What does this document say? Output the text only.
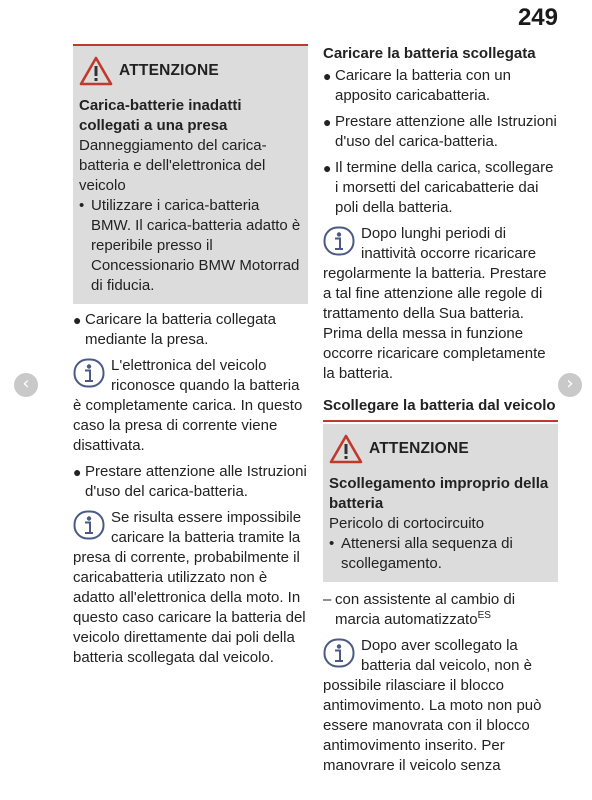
249
‹	›
ATTENZIONE
Carica-batterie inadatti collegati a una presa
Danneggiamento del carica-batteria e dell'elettronica del veicolo
• Utilizzare i carica-batteria BMW. Il carica-batteria adatto è reperibile presso il Concessionario BMW Motorrad di fiducia.
● Caricare la batteria collegata mediante la presa.
L'elettronica del veicolo riconosce quando la batteria è completamente carica. In questo caso la presa di corrente viene disattivata.
● Prestare attenzione alle Istruzioni d'uso del carica-batteria.
Se risulta essere impossibile caricare la batteria tramite la presa di corrente, probabilmente il caricabatteria utilizzato non è adatto all'elettronica della moto. In questo caso caricare la batteria del veicolo direttamente dai poli della batteria scollegata dal veicolo.
Caricare la batteria scollegata
● Caricare la batteria con un apposito caricabatteria.
● Prestare attenzione alle Istruzioni d'uso del carica-batteria.
● Il termine della carica, scollegare i morsetti del caricabatterie dai poli della batteria.
Dopo lunghi periodi di inattività occorre ricaricare regolarmente la batteria. Prestare a tal fine attenzione alle regole di trattamento della Sua batteria. Prima della messa in funzione occorre ricaricare completamente la batteria.
Scollegare la batteria dal veicolo
ATTENZIONE
Scollegamento improprio della batteria
Pericolo di cortocircuito
• Attenersi alla sequenza di scollegamento.
– con assistente al cambio di marcia automatizzato$^{ES}$
Dopo aver scollegato la batteria dal veicolo, non è possibile rilasciare il blocco antimovimento. La moto non può essere manovrata con il blocco antimovimento inserito. Per manovrare il veicolo senza
